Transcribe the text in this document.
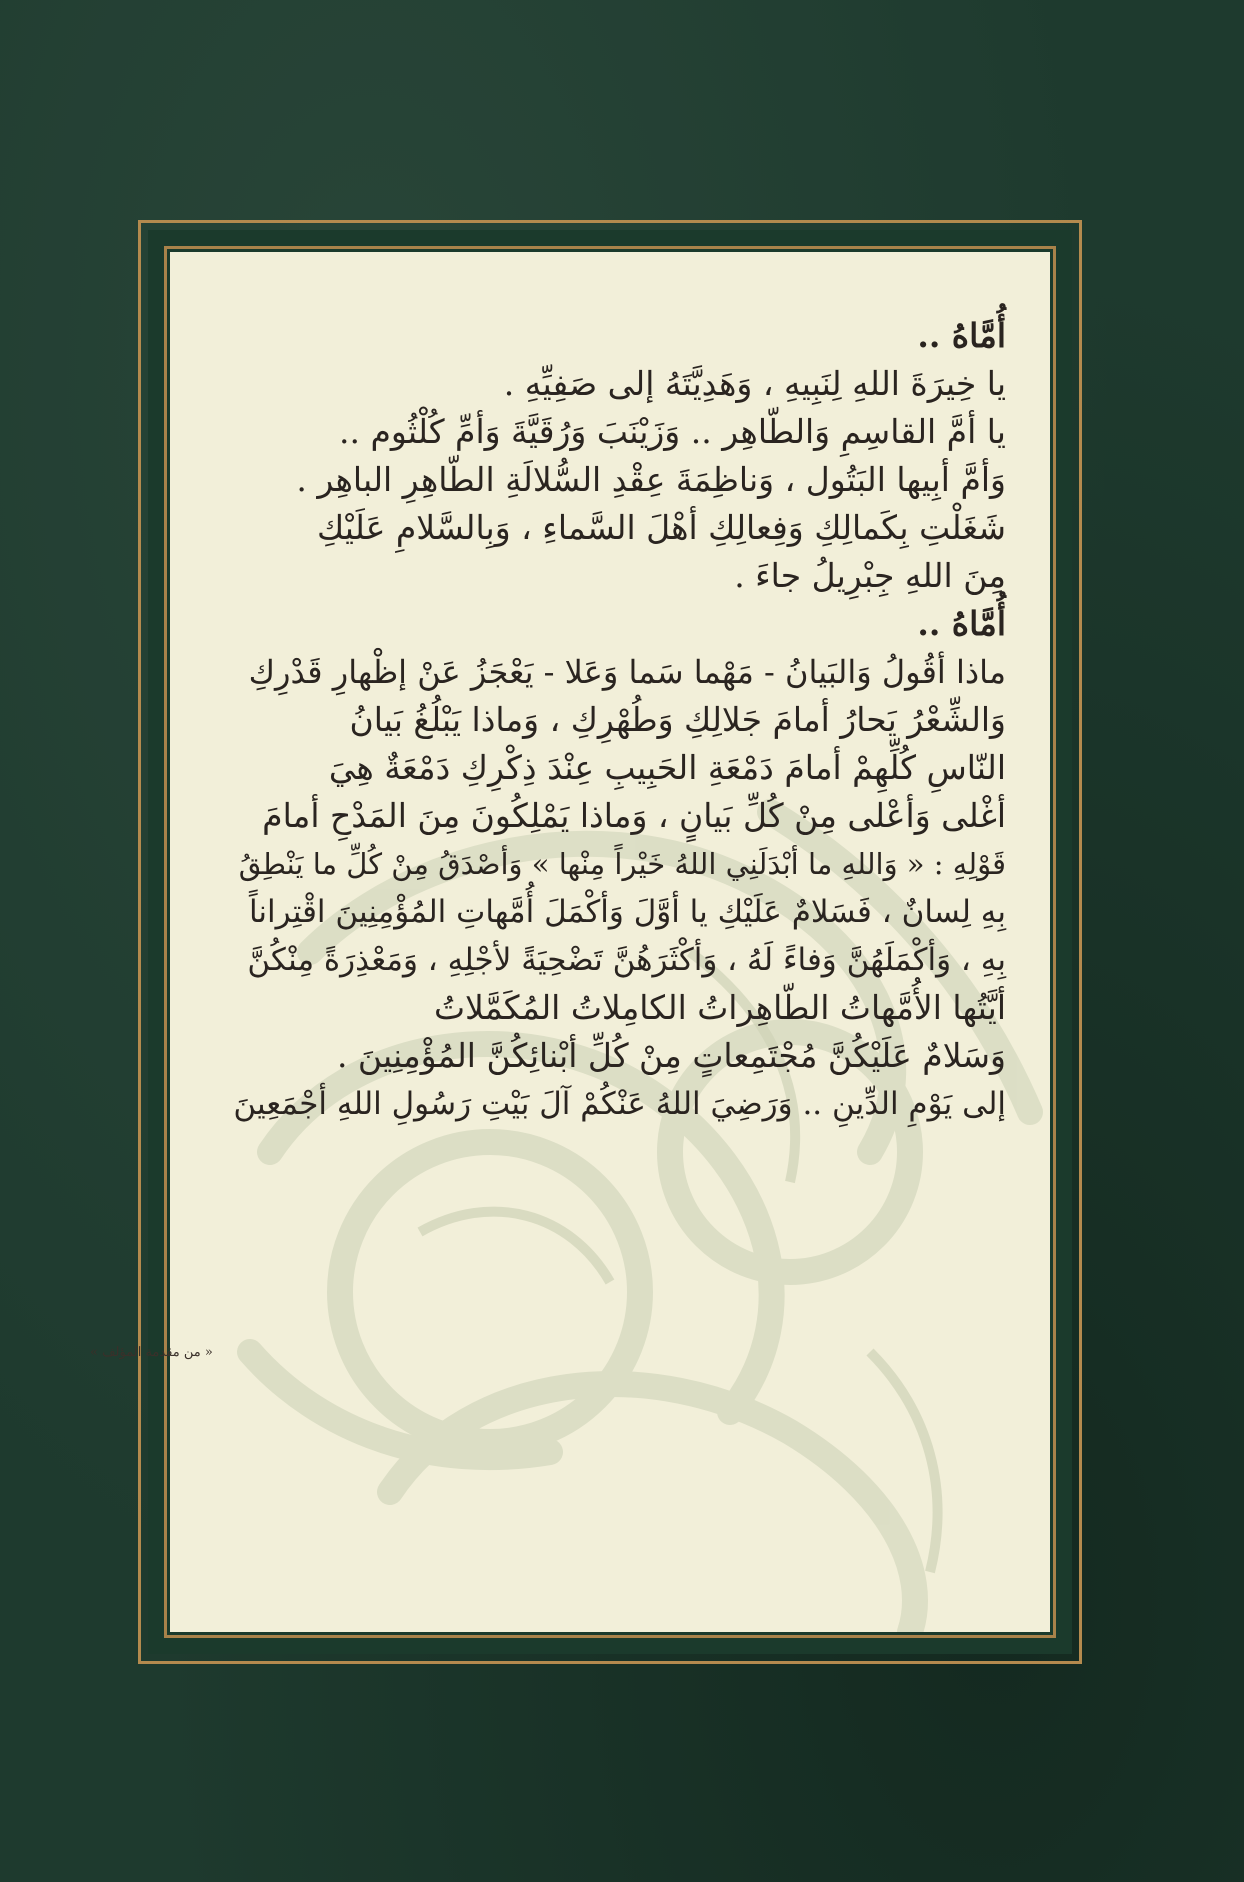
أُمَّاهُ ..
يا خِيرَةَ اللهِ لِنَبِيهِ ، وَهَدِيَّتَهُ إلى صَفِيِّهِ .
يا أمَّ القاسِمِ وَالطّاهِر .. وَزَيْنَبَ وَرُقَيَّةَ وَأمِّ كُلْثُوم ..
وَأمَّ أبِيها البَتُول ، وَناظِمَةَ عِقْدِ السُّلالَةِ الطّاهِرِ الباهِر .
شَغَلْتِ بِكَمالِكِ وَفِعالِكِ أهْلَ السَّماءِ ، وَبِالسَّلامِ عَلَيْكِ
مِنَ اللهِ جِبْرِيلُ جاءَ .
أُمَّاهُ ..
ماذا أقُولُ وَالبَيانُ - مَهْما سَما وَعَلا - يَعْجَزُ عَنْ إظْهارِ قَدْرِكِ
وَالشِّعْرُ يَحارُ أمامَ جَلالِكِ وَطُهْرِكِ ، وَماذا يَبْلُغُ بَيانُ
النّاسِ كُلِّهِمْ أمامَ دَمْعَةِ الحَبِيبِ عِنْدَ ذِكْرِكِ دَمْعَةٌ هِيَ
أغْلى وَأعْلى مِنْ كُلِّ بَيانٍ ، وَماذا يَمْلِكُونَ مِنَ المَدْحِ أمامَ
قَوْلِهِ : « وَاللهِ ما أبْدَلَنِي اللهُ خَيْراً مِنْها » وَأصْدَقُ مِنْ كُلِّ ما يَنْطِقُ
بِهِ لِسانٌ ، فَسَلامٌ عَلَيْكِ يا أوَّلَ وَأكْمَلَ أُمَّهاتِ المُؤْمِنِينَ اقْتِراناً
بِهِ ، وَأكْمَلَهُنَّ وَفاءً لَهُ ، وَأكْثَرَهُنَّ تَضْحِيَةً لأجْلِهِ ، وَمَعْذِرَةً مِنْكُنَّ
أيَّتُها الأُمَّهاتُ الطّاهِراتُ الكامِلاتُ المُكَمَّلاتُ
وَسَلامٌ عَلَيْكُنَّ مُجْتَمِعاتٍ مِنْ كُلِّ أبْنائِكُنَّ المُؤْمِنِينَ .
إلى يَوْمِ الدِّينِ .. وَرَضِيَ اللهُ عَنْكُمْ آلَ بَيْتِ رَسُولِ اللهِ أجْمَعِينَ
« من مقدمة المؤلف »
